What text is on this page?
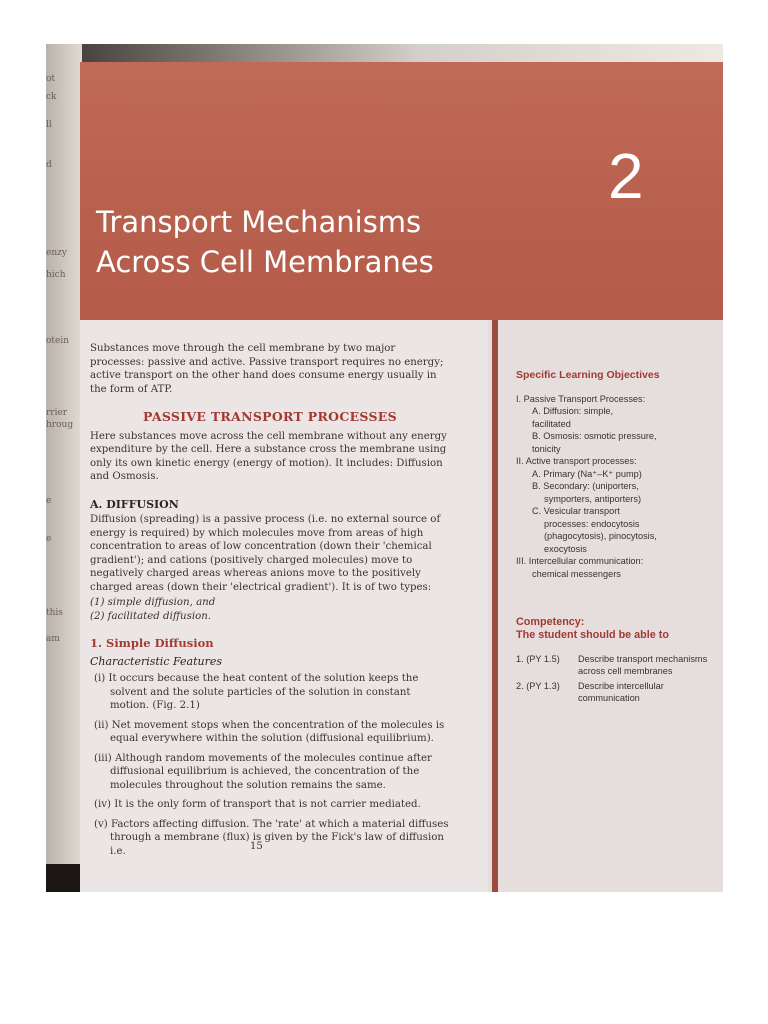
ot
ck
ll
d
enzy
hich
otein
rrier
hroug
e
e
this
am
2
Transport Mechanisms
Across Cell Membranes

Substances move through the cell membrane by two major processes: passive and active. Passive transport requires no energy; active transport on the other hand does consume energy usually in the form of ATP.

PASSIVE TRANSPORT PROCESSES

Here substances move across the cell membrane without any energy expenditure by the cell. Here a substance cross the membrane using only its own kinetic energy (energy of motion). It includes: Diffusion and Osmosis.

A. DIFFUSION

Diffusion (spreading) is a passive process (i.e. no external source of energy is required) by which molecules move from areas of high concentration to areas of low concentration (down their 'chemical gradient'); and cations (positively charged molecules) move to negatively charged areas whereas anions move to the positively charged areas (down their 'electrical gradient'). It is of two types:

(1) simple diffusion, and
(2) facilitated diffusion.
1. Simple Diffusion
Characteristic Features
(i) It occurs because the heat content of the solution keeps the solvent and the solute particles of the solution in constant motion. (Fig. 2.1)
(ii) Net movement stops when the concentration of the molecules is equal everywhere within the solution (diffusional equilibrium).
(iii) Although random movements of the molecules continue after diffusional equilibrium is achieved, the concentration of the molecules throughout the solution remains the same.
(iv) It is the only form of transport that is not carrier mediated.
(v) Factors affecting diffusion. The 'rate' at which a material diffuses through a membrane (flux) is given by the Fick's law of diffusion i.e.	15
Specific Learning Objectives
I. Passive Transport Processes:
A. Diffusion: simple,
facilitated
B. Osmosis: osmotic pressure,
tonicity
II. Active transport processes:
A. Primary (Na⁺–K⁺ pump)
B. Secondary: (uniporters,
symporters, antiporters)
C. Vesicular transport
processes: endocytosis
(phagocytosis), pinocytosis,
exocytosis
III. Intercellular communication:
chemical messengers
Competency:
The student should be able to
1. (PY 1.5)	Describe transport mechanisms across cell membranes
2. (PY 1.3)	Describe intercellular communication
